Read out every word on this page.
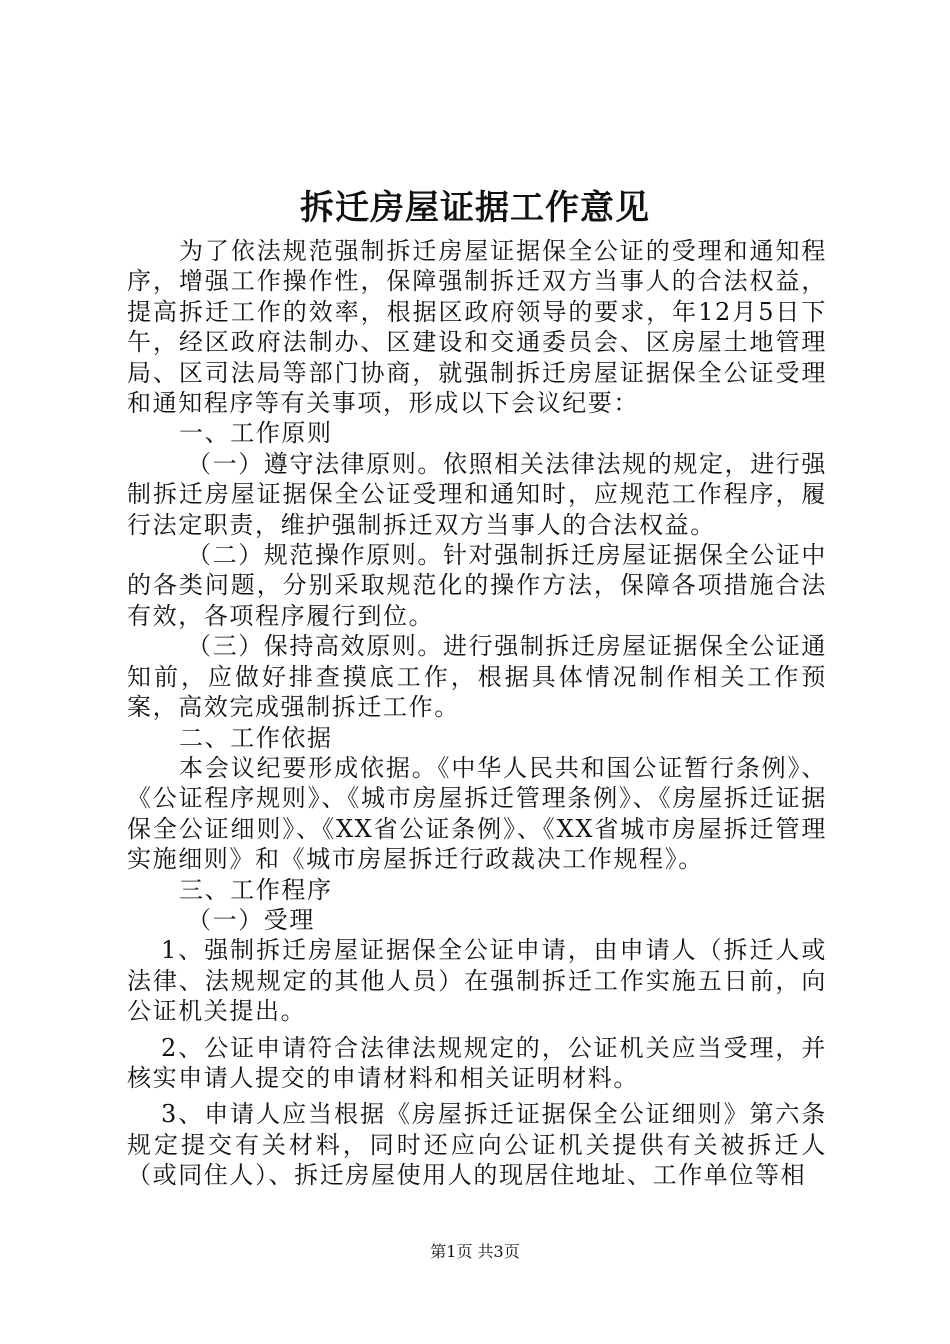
拆迁房屋证据工作意见

为了依法规范强制拆迁房屋证据保全公证的受理和通知程序，增强工作操作性，保障强制拆迁双方当事人的合法权益，提高拆迁工作的效率，根据区政府领导的要求，年12月5日下午，经区政府法制办、区建设和交通委员会、区房屋土地管理局、区司法局等部门协商，就强制拆迁房屋证据保全公证受理和通知程序等有关事项，形成以下会议纪要：

一、工作原则

（一）遵守法律原则。依照相关法律法规的规定，进行强制拆迁房屋证据保全公证受理和通知时，应规范工作程序，履行法定职责，维护强制拆迁双方当事人的合法权益。

（二）规范操作原则。针对强制拆迁房屋证据保全公证中的各类问题，分别采取规范化的操作方法，保障各项措施合法有效，各项程序履行到位。

（三）保持高效原则。进行强制拆迁房屋证据保全公证通知前，应做好排查摸底工作，根据具体情况制作相关工作预案，高效完成强制拆迁工作。

二、工作依据

本会议纪要形成依据。《中华人民共和国公证暂行条例》、《公证程序规则》、《城市房屋拆迁管理条例》、《房屋拆迁证据保全公证细则》、《XX省公证条例》、《XX省城市房屋拆迁管理实施细则》和《城市房屋拆迁行政裁决工作规程》。

三、工作程序

（一）受理

1、强制拆迁房屋证据保全公证申请，由申请人（拆迁人或法律、法规规定的其他人员）在强制拆迁工作实施五日前，向公证机关提出。

2、公证申请符合法律法规规定的，公证机关应当受理，并核实申请人提交的申请材料和相关证明材料。

3、申请人应当根据《房屋拆迁证据保全公证细则》第六条规定提交有关材料，同时还应向公证机关提供有关被拆迁人（或同住人）、拆迁房屋使用人的现居住地址、工作单位等相

第1页 共3页
